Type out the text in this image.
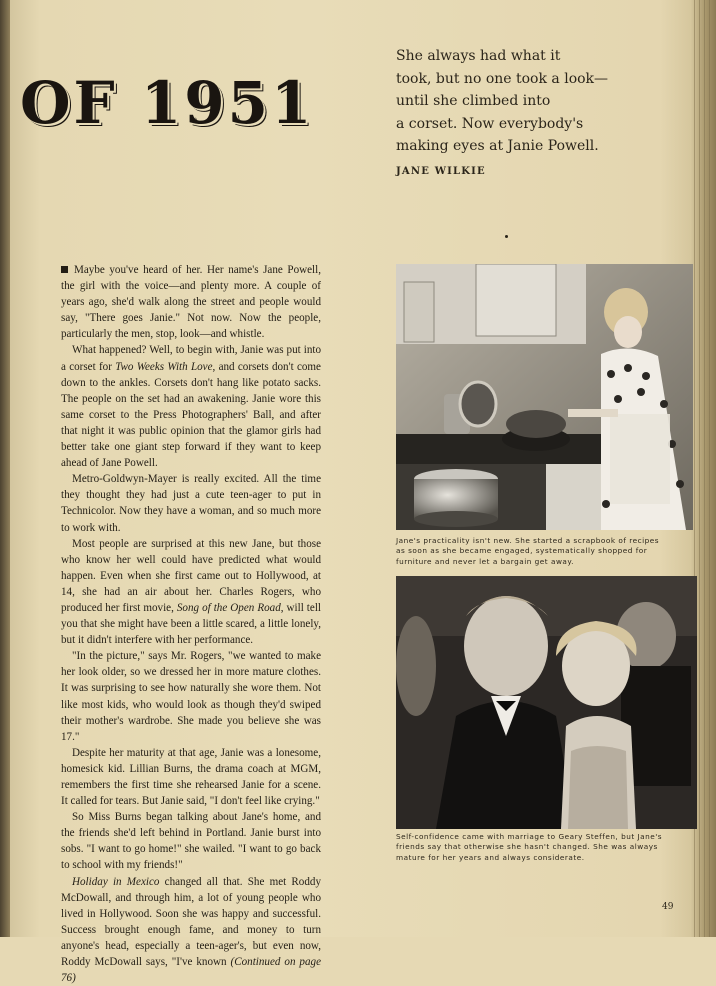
OF 1951

She always had what it

took, but no one took a look—

until she climbed into

a corset. Now everybody's

making eyes at Janie Powell.

JANE WILKIE

Maybe you've heard of her. Her name's Jane Powell, the girl with the voice—and plenty more. A couple of years ago, she'd walk along the street and people would say, "There goes Janie." Not now. Now the people, particularly the men, stop, look—and whistle.

What happened? Well, to begin with, Janie was put into a corset for Two Weeks With Love, and corsets don't come down to the ankles. Corsets don't hang like potato sacks. The people on the set had an awakening. Janie wore this same corset to the Press Photographers' Ball, and after that night it was public opinion that the glamor girls had better take one giant step forward if they want to keep ahead of Jane Powell.

Metro-Goldwyn-Mayer is really excited. All the time they thought they had just a cute teen-ager to put in Technicolor. Now they have a woman, and so much more to work with.

Most people are surprised at this new Jane, but those who know her well could have predicted what would happen. Even when she first came out to Hollywood, at 14, she had an air about her. Charles Rogers, who produced her first movie, Song of the Open Road, will tell you that she might have been a little scared, a little lonely, but it didn't interfere with her performance.

"In the picture," says Mr. Rogers, "we wanted to make her look older, so we dressed her in more mature clothes. It was surprising to see how naturally she wore them. Not like most kids, who would look as though they'd swiped their mother's wardrobe. She made you believe she was 17."

Despite her maturity at that age, Janie was a lonesome, homesick kid. Lillian Burns, the drama coach at MGM, remembers the first time she rehearsed Janie for a scene. It called for tears. But Janie said, "I don't feel like crying."

So Miss Burns began talking about Jane's home, and the friends she'd left behind in Portland. Janie burst into sobs. "I want to go home!" she wailed. "I want to go back to school with my friends!"

Holiday in Mexico changed all that. She met Roddy McDowall, and through him, a lot of young people who lived in Hollywood. Soon she was happy and successful. Success brought enough fame, and money to turn anyone's head, especially a teen-ager's, but even now, Roddy McDowall says, "I've known (Continued on page 76)

Jane's practicality isn't new. She started a scrapbook of recipes as soon as she became engaged, systematically shopped for furniture and never let a bargain get away.
Self-confidence came with marriage to Geary Steffen, but Jane's friends say that otherwise she hasn't changed. She was always mature for her years and always considerate.
49
